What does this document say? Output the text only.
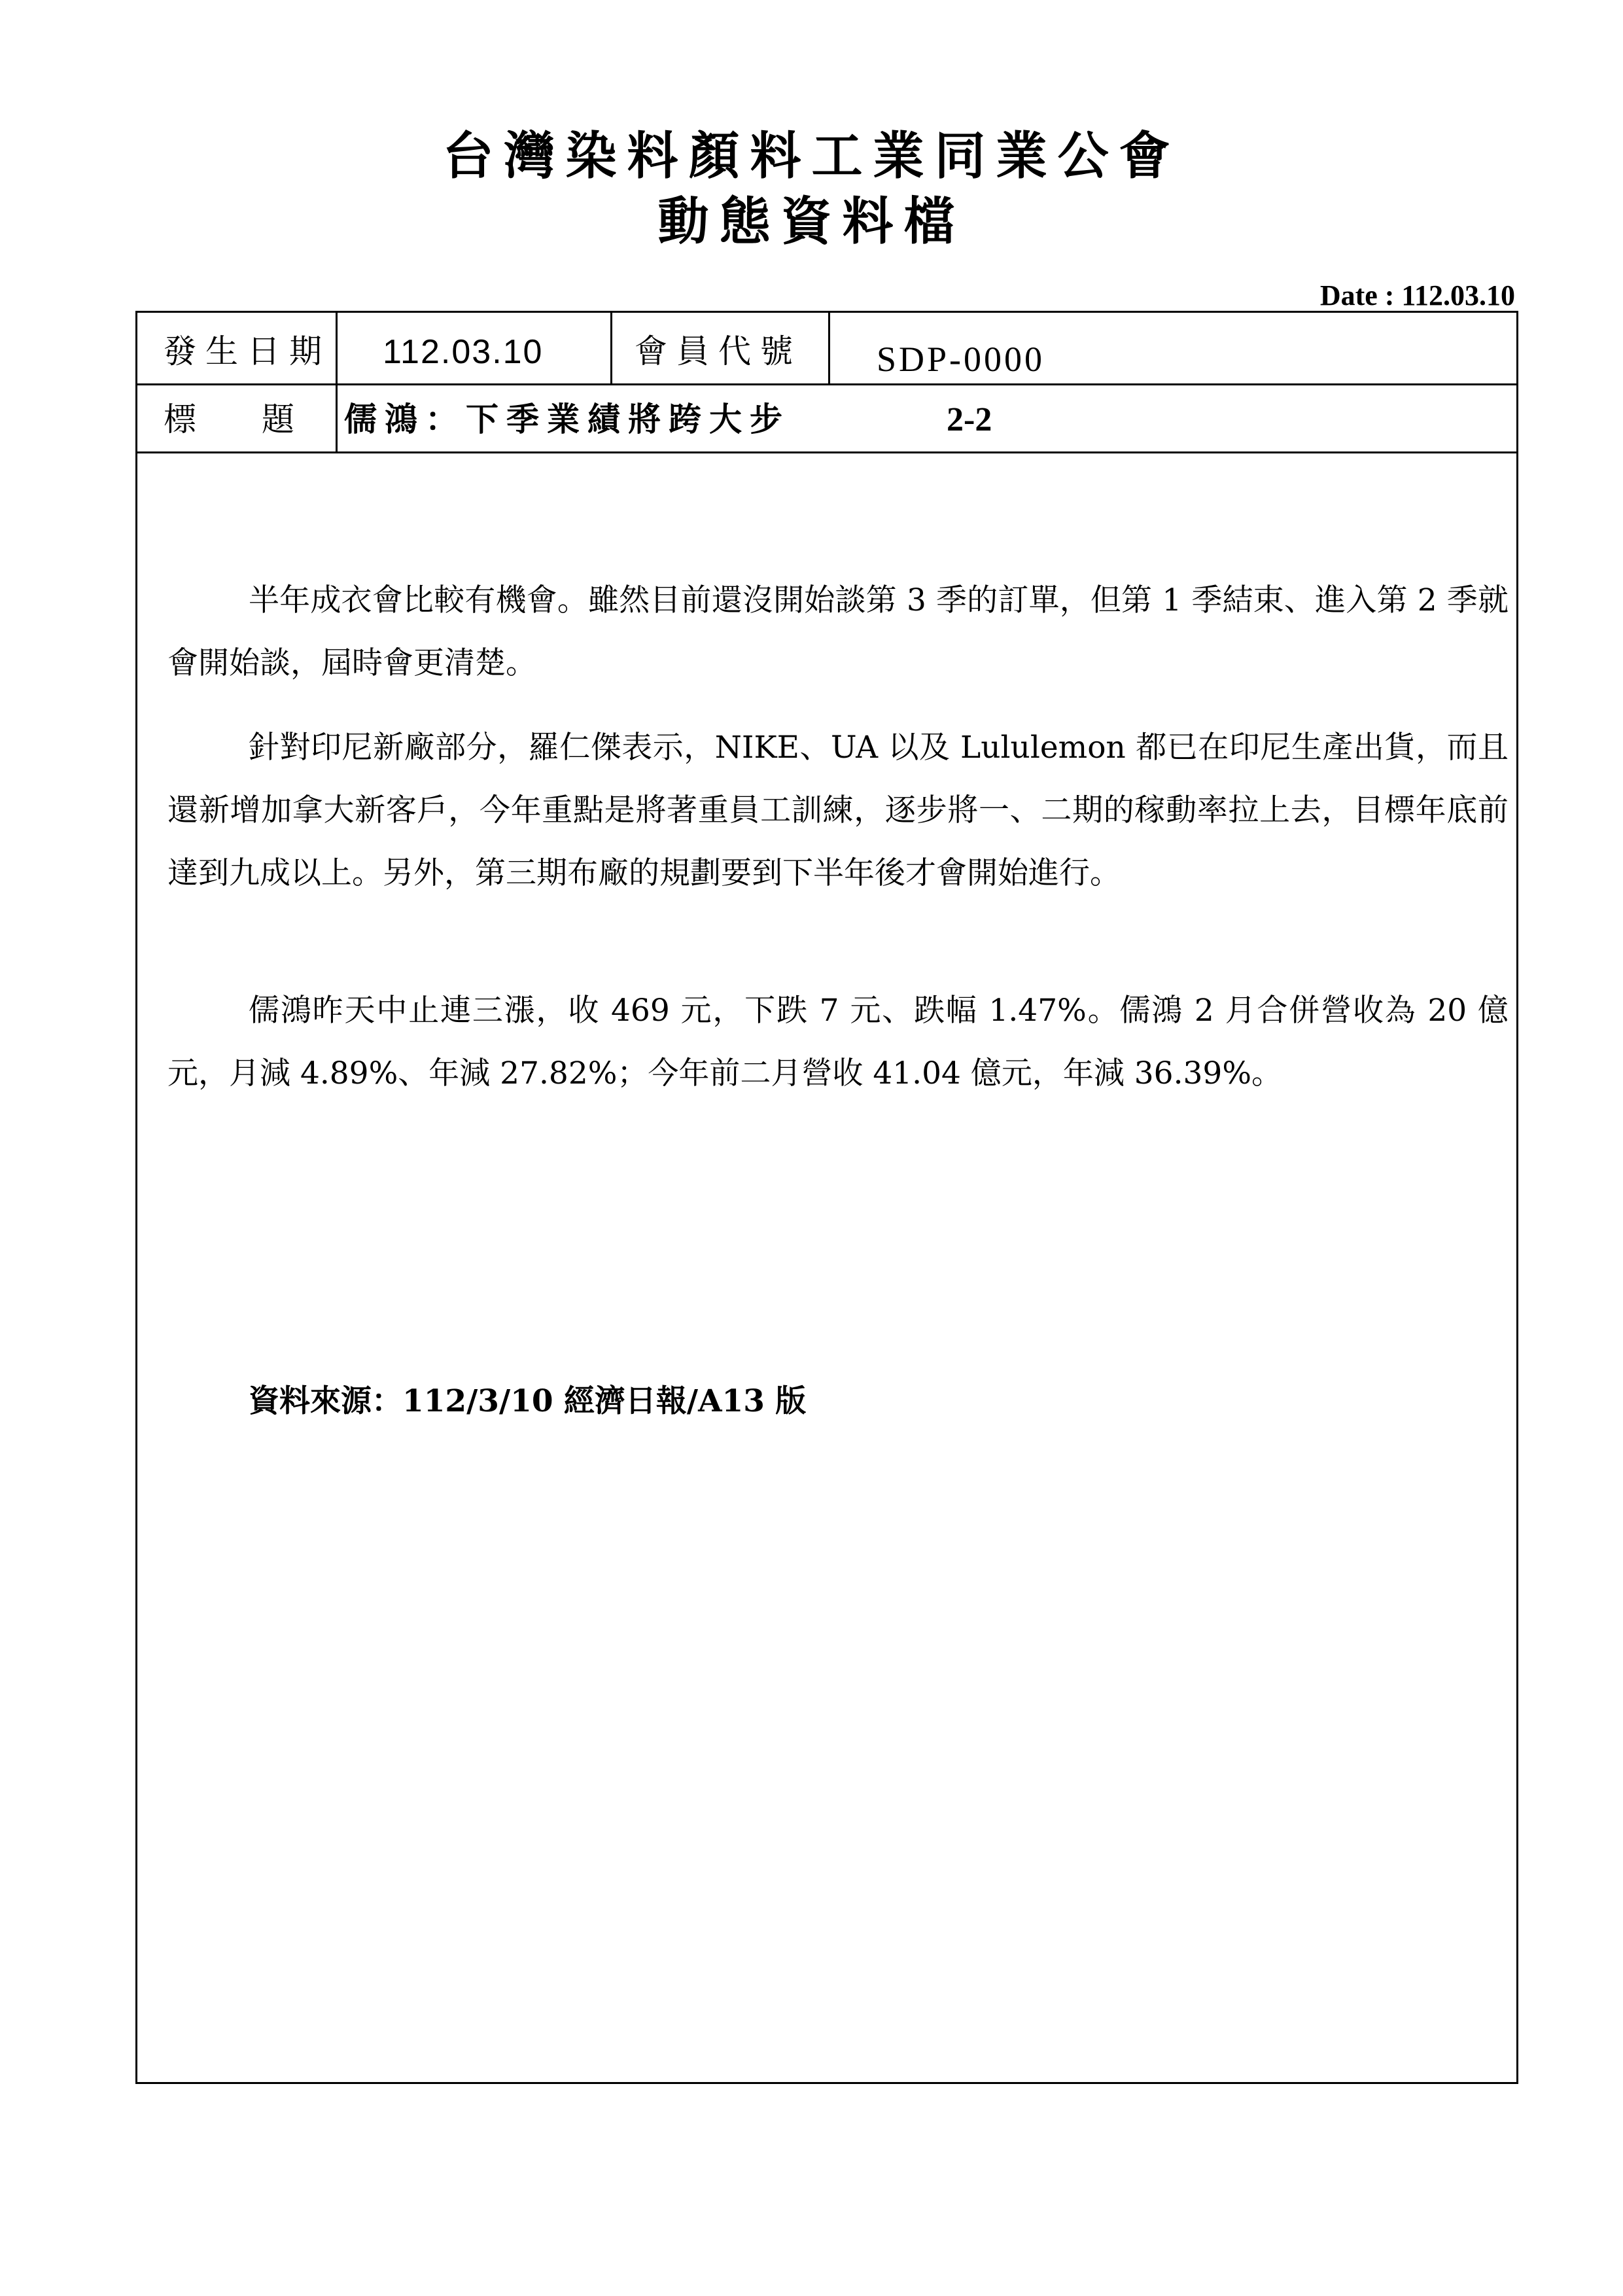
台灣染料顏料工業同業公會
動態資料檔
Date : 112.03.10
發生日期 112.03.10	會員代號 SDP-0000
標　　題 儒鴻：下季業績將跨大步	2-2

半年成衣會比較有機會。雖然目前還沒開始談第 3 季的訂單，但第 1 季結束、進入第 2 季就會開始談，屆時會更清楚。

針對印尼新廠部分，羅仁傑表示，NIKE、UA 以及 Lululemon 都已在印尼生產出貨，而且還新增加拿大新客戶，今年重點是將著重員工訓練，逐步將一、二期的稼動率拉上去，目標年底前達到九成以上。另外，第三期布廠的規劃要到下半年後才會開始進行。

儒鴻昨天中止連三漲，收 469 元，下跌 7 元、跌幅 1.47%。儒鴻 2 月合併營收為 20 億元，月減 4.89%、年減 27.82%；今年前二月營收 41.04 億元，年減 36.39%。

資料來源：112/3/10 經濟日報/A13 版
